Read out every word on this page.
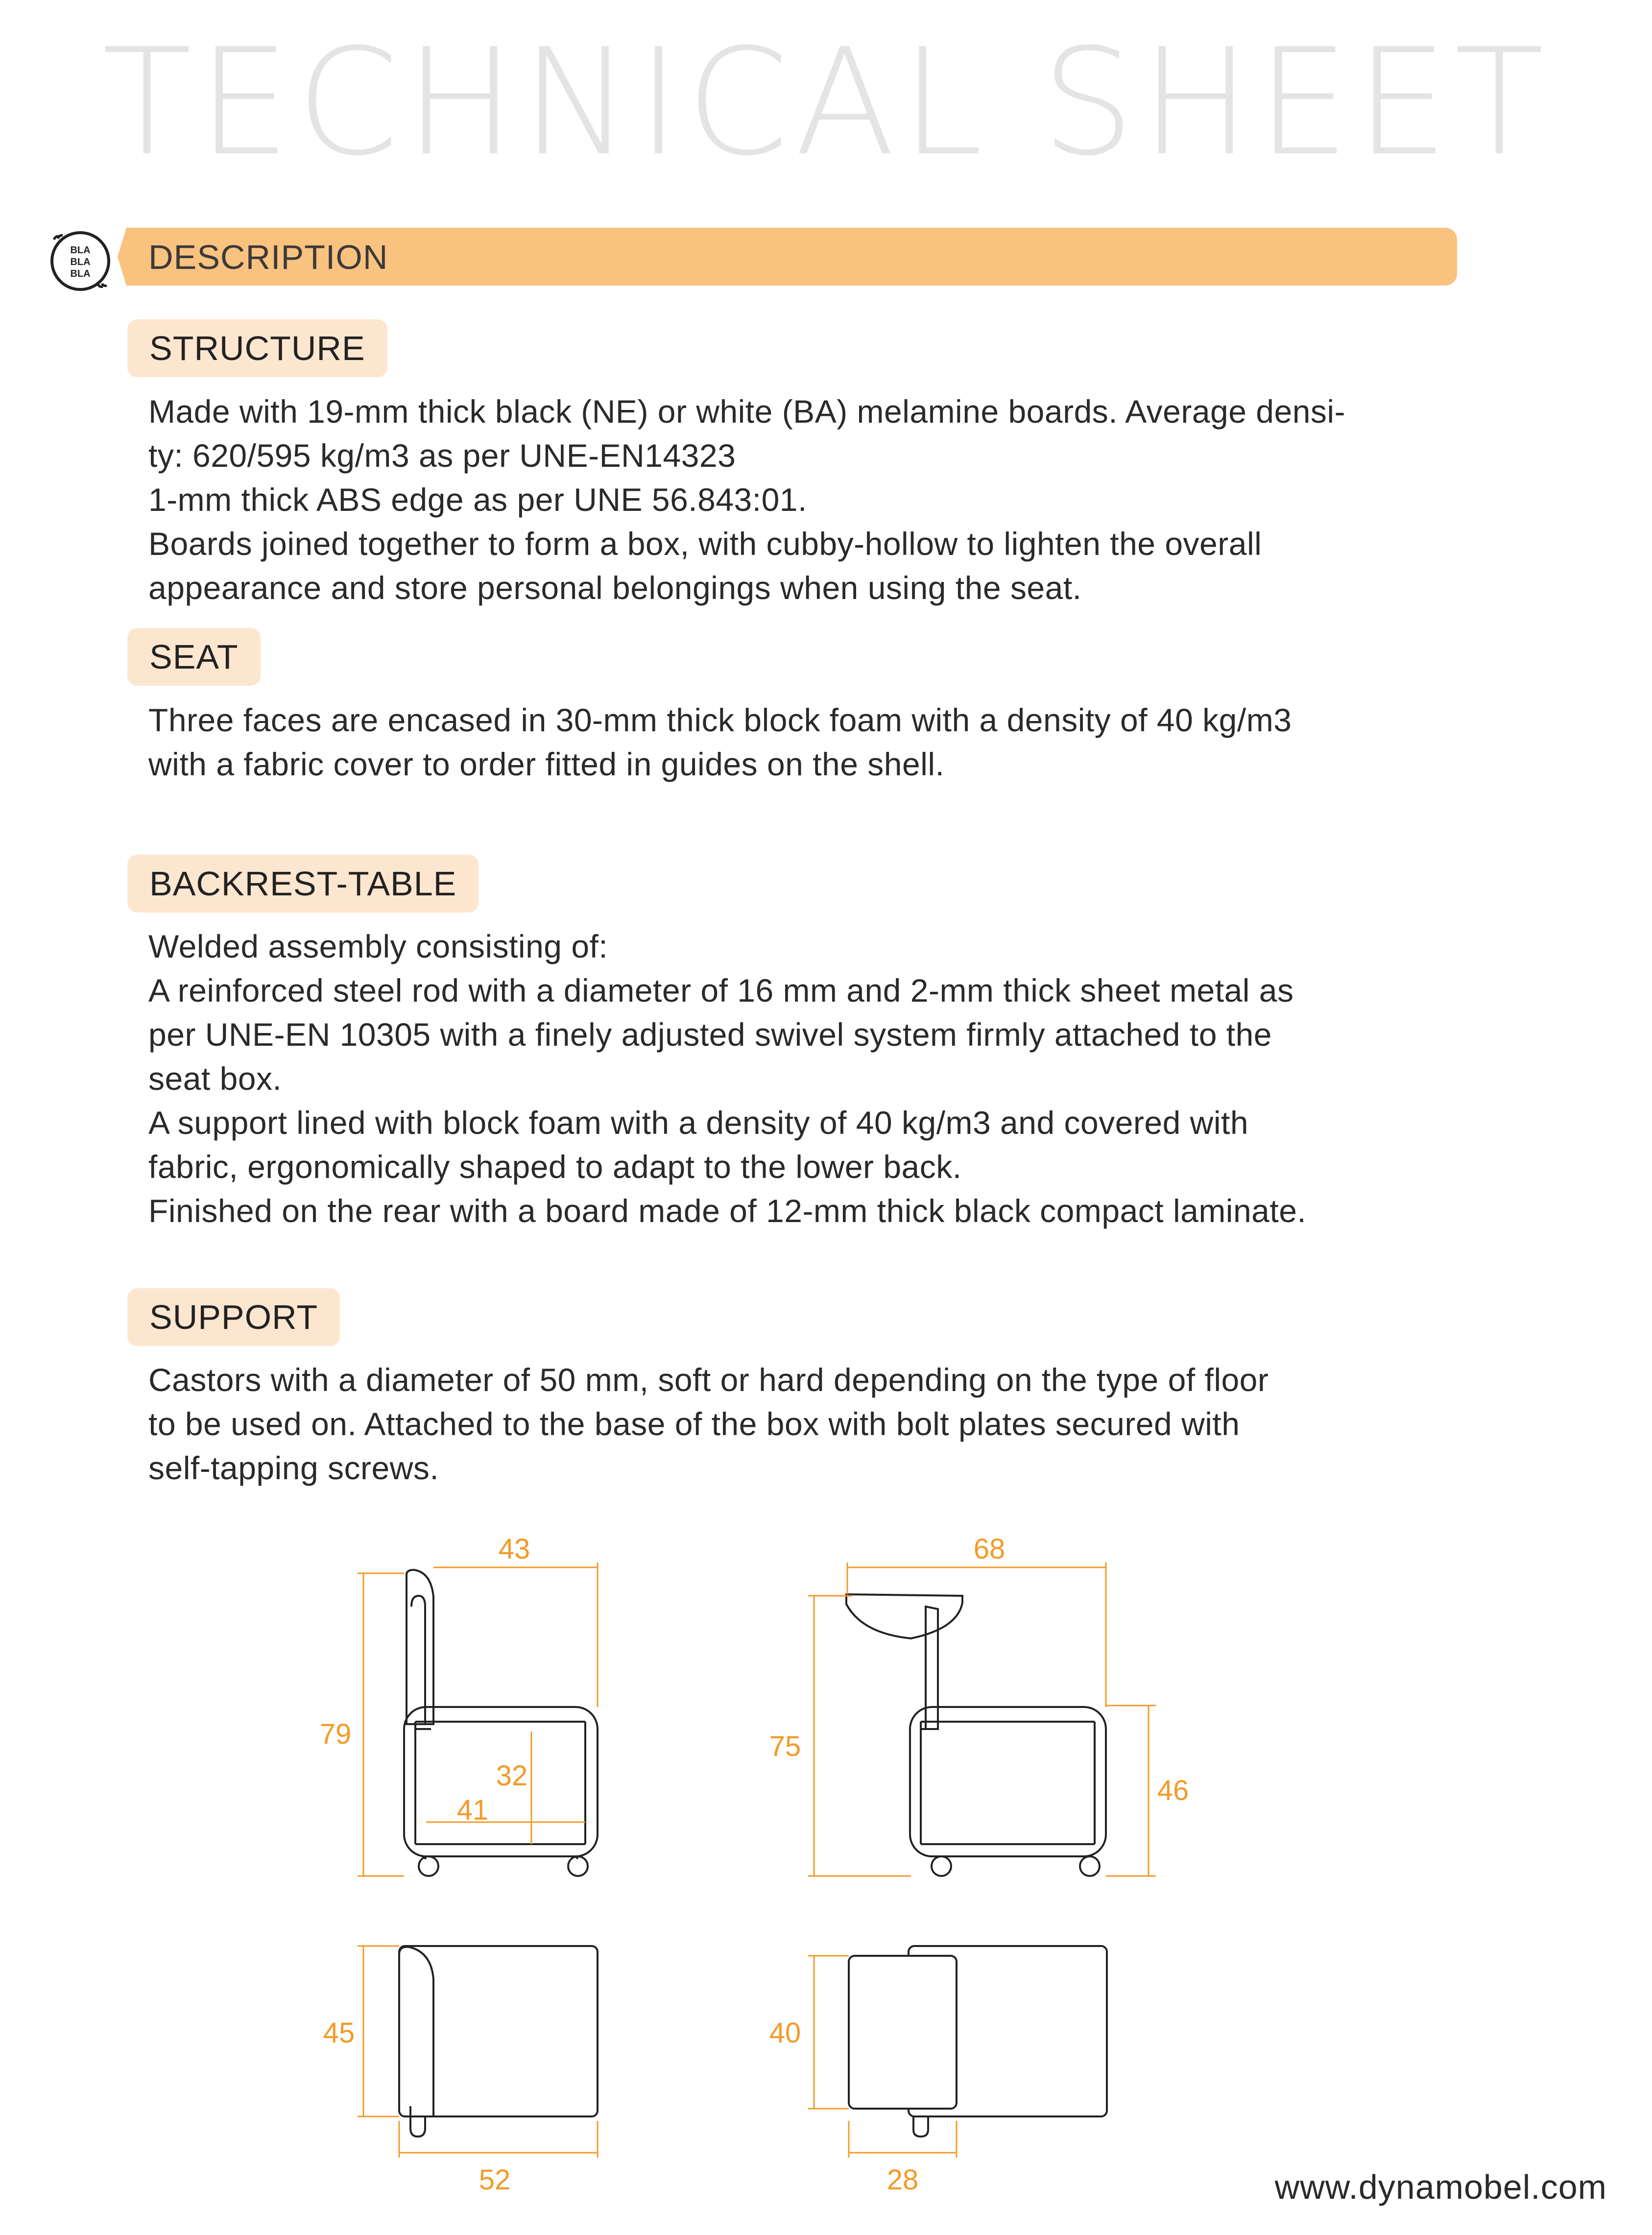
TECHNICAL SHEET
BLA
BLA
BLA DESCRIPTION
STRUCTURE

Made with 19-mm thick black (NE) or white (BA) melamine boards. Average densi-
ty: 620/595 kg/m3 as per UNE-EN14323
1-mm thick ABS edge as per UNE 56.843:01.
Boards joined together to form a box, with cubby-hollow to lighten the overall
appearance and store personal belongings when using the seat.

SEAT

Three faces are encased in 30-mm thick block foam with a density of 40 kg/m3
with a fabric cover to order fitted in guides on the shell.

BACKREST-TABLE

Welded assembly consisting of:
A reinforced steel rod with a diameter of 16 mm and 2-mm thick sheet metal as
per UNE-EN 10305 with a finely adjusted swivel system firmly attached to the
seat box.
A support lined with block foam with a density of 40 kg/m3 and covered with
fabric, ergonomically shaped to adapt to the lower back.
Finished on the rear with a board made of 12-mm thick black compact laminate.

SUPPORT

Castors with a diameter of 50 mm, soft or hard depending on the type of floor
to be used on. Attached to the base of the box with bolt plates secured with
self-tapping screws.

43
79
32
41
68
75
46
45
52
40
28	www.dynamobel.com
